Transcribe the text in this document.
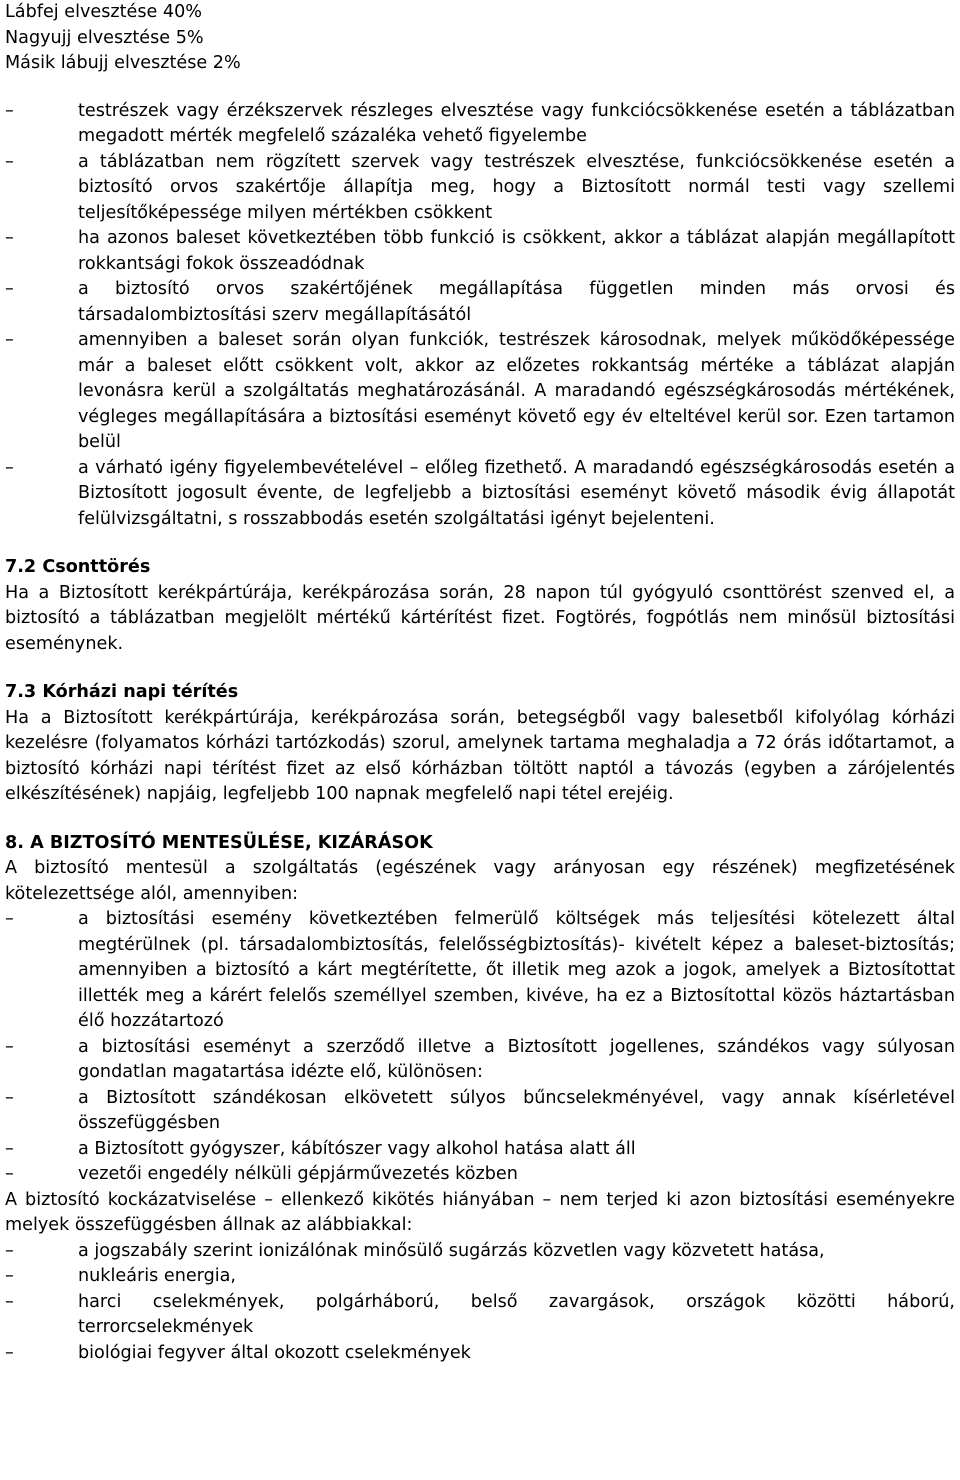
Lábfej elvesztése 40%
Nagyujj elvesztése 5%
Másik lábujj elvesztése 2%
–	testrészek vagy érzékszervek részleges elvesztése vagy funkciócsökkenése esetén a táblázatban megadott mérték megfelelő százaléka vehető figyelembe
–	a táblázatban nem rögzített szervek vagy testrészek elvesztése, funkciócsökkenése esetén a biztosító orvos szakértője állapítja meg, hogy a Biztosított normál testi vagy szellemi teljesítőképessége milyen mértékben csökkent
–	ha azonos baleset következtében több funkció is csökkent, akkor a táblázat alapján megállapított rokkantsági fokok összeadódnak
–	a biztosító orvos szakértőjének megállapítása független minden más orvosi és társadalombiztosítási szerv megállapításától
–	amennyiben a baleset során olyan funkciók, testrészek károsodnak, melyek működőképessége már a baleset előtt csökkent volt, akkor az előzetes rokkantság mértéke a táblázat alapján levonásra kerül a szolgáltatás meghatározásánál. A maradandó egészségkárosodás mértékének, végleges megállapítására a biztosítási eseményt követő egy év elteltével kerül sor. Ezen tartamon belül
–	a várható igény figyelembevételével – előleg fizethető. A maradandó egészségkárosodás esetén a Biztosított jogosult évente, de legfeljebb a biztosítási eseményt követő második évig állapotát felülvizsgáltatni, s rosszabbodás esetén szolgáltatási igényt bejelenteni.
7.2 Csonttörés
Ha a Biztosított kerékpártúrája, kerékpározása során, 28 napon túl gyógyuló csonttörést szenved el, a biztosító a táblázatban megjelölt mértékű kártérítést fizet. Fogtörés, fogpótlás nem minősül biztosítási eseménynek.
7.3 Kórházi napi térítés
Ha a Biztosított kerékpártúrája, kerékpározása során, betegségből vagy balesetből kifolyólag kórházi kezelésre (folyamatos kórházi tartózkodás) szorul, amelynek tartama meghaladja a 72 órás időtartamot, a biztosító kórházi napi térítést fizet az első kórházban töltött naptól a távozás (egyben a zárójelentés elkészítésének) napjáig, legfeljebb 100 napnak megfelelő napi tétel erejéig.
8. A BIZTOSÍTÓ MENTESÜLÉSE, KIZÁRÁSOK
A biztosító mentesül a szolgáltatás (egészének vagy arányosan egy részének) megfizetésének kötelezettsége alól, amennyiben:
–	a biztosítási esemény következtében felmerülő költségek más teljesítési kötelezett által megtérülnek (pl. társadalombiztosítás, felelősségbiztosítás)- kivételt képez a baleset-biztosítás; amennyiben a biztosító a kárt megtérítette, őt illetik meg azok a jogok, amelyek a Biztosítottat illették meg a kárért felelős személlyel szemben, kivéve, ha ez a Biztosítottal közös háztartásban élő hozzátartozó
–	a biztosítási eseményt a szerződő illetve a Biztosított jogellenes, szándékos vagy súlyosan gondatlan magatartása idézte elő, különösen:
–	a Biztosított szándékosan elkövetett súlyos bűncselekményével, vagy annak kísérletével összefüggésben
–	a Biztosított gyógyszer, kábítószer vagy alkohol hatása alatt áll
–	vezetői engedély nélküli gépjárművezetés közben
A biztosító kockázatviselése – ellenkező kikötés hiányában – nem terjed ki azon biztosítási eseményekre melyek összefüggésben állnak az alábbiakkal:
–	a jogszabály szerint ionizálónak minősülő sugárzás közvetlen vagy közvetett hatása,
–	nukleáris energia,
–	harci cselekmények, polgárháború, belső zavargások, országok közötti háború, terrorcselekmények
–	biológiai fegyver által okozott cselekmények
